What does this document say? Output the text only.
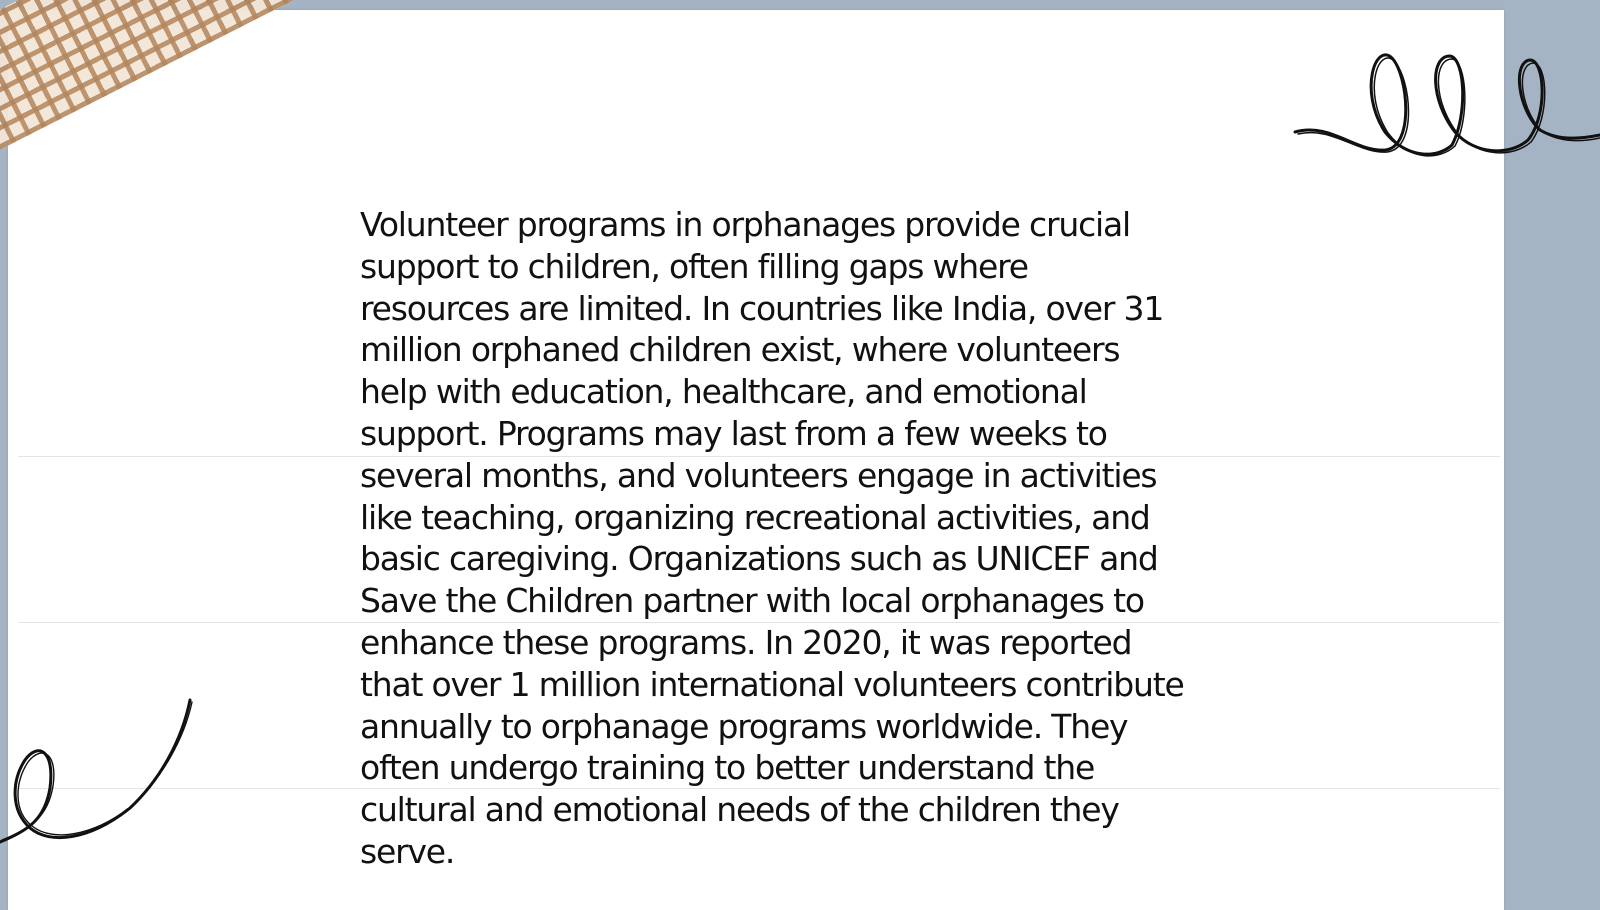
Volunteer programs in orphanages provide crucial
support to children, often filling gaps where
resources are limited. In countries like India, over 31
million orphaned children exist, where volunteers
help with education, healthcare, and emotional
support. Programs may last from a few weeks to
several months, and volunteers engage in activities
like teaching, organizing recreational activities, and
basic caregiving. Organizations such as UNICEF and
Save the Children partner with local orphanages to
enhance these programs. In 2020, it was reported
that over 1 million international volunteers contribute
annually to orphanage programs worldwide. They
often undergo training to better understand the
cultural and emotional needs of the children they
serve.
